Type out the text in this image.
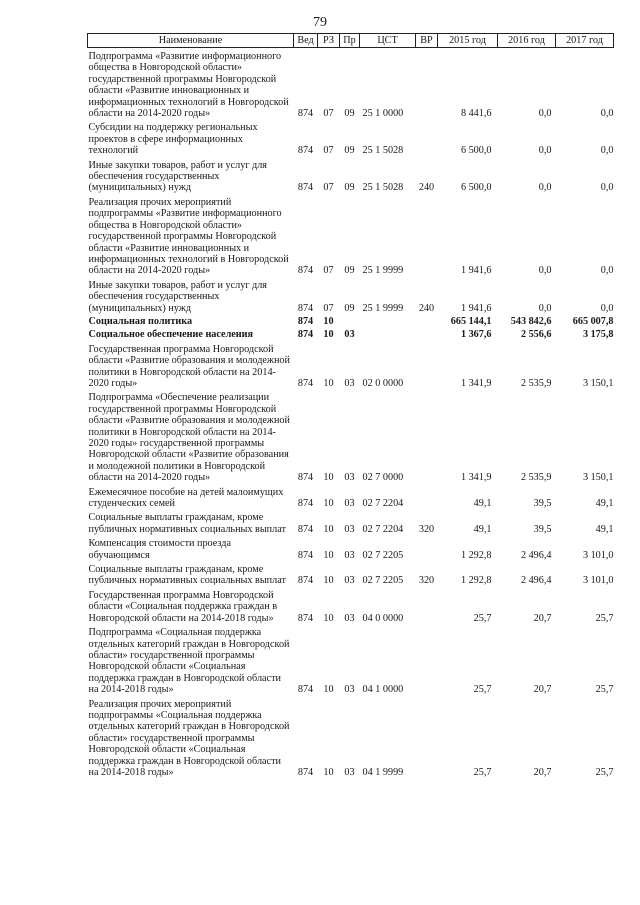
79
Наименование	Вед	РЗ	Пр	ЦСТ	ВР	2015 год	2016 год	2017 год
Подпрограмма «Развитие информационного общества в Новгородской области» государственной программы Новгородской области «Развитие инновационных и информационных технологий в Новгородской области на 2014-2020 годы»	874	07	09	25 1 0000		8 441,6	0,0	0,0
Субсидии на поддержку региональных проектов в сфере информационных технологий	874	07	09	25 1 5028		6 500,0	0,0	0,0
Иные закупки товаров, работ и услуг для обеспечения государственных (муниципальных) нужд	874	07	09	25 1 5028	240	6 500,0	0,0	0,0
Реализация прочих мероприятий подпрограммы «Развитие информационного общества в Новгородской области» государственной программы Новгородской области «Развитие инновационных и информационных технологий в Новгородской области на 2014-2020 годы»	874	07	09	25 1 9999		1 941,6	0,0	0,0
Иные закупки товаров, работ и услуг для обеспечения государственных (муниципальных) нужд	874	07	09	25 1 9999	240	1 941,6	0,0	0,0
Социальная политика	874	10				665 144,1	543 842,6	665 007,8
Социальное обеспечение населения	874	10	03			1 367,6	2 556,6	3 175,8
Государственная программа Новгородской области «Развитие образования и молодежной политики в Новгородской области на 2014-2020 годы»	874	10	03	02 0 0000		1 341,9	2 535,9	3 150,1
Подпрограмма «Обеспечение реализации государственной программы Новгородской области «Развитие образования и молодежной политики в Новгородской области на 2014-2020 годы» государственной программы Новгородской области «Развитие образования и молодежной политики в Новгородской области на 2014-2020 годы»	874	10	03	02 7 0000		1 341,9	2 535,9	3 150,1
Ежемесячное пособие на детей малоимущих студенческих семей	874	10	03	02 7 2204		49,1	39,5	49,1
Социальные выплаты гражданам, кроме публичных нормативных социальных выплат	874	10	03	02 7 2204	320	49,1	39,5	49,1
Компенсация стоимости проезда обучающимся	874	10	03	02 7 2205		1 292,8	2 496,4	3 101,0
Социальные выплаты гражданам, кроме публичных нормативных социальных выплат	874	10	03	02 7 2205	320	1 292,8	2 496,4	3 101,0
Государственная программа Новгородской области «Социальная поддержка граждан в Новгородской области на 2014-2018 годы»	874	10	03	04 0 0000		25,7	20,7	25,7
Подпрограмма «Социальная поддержка отдельных категорий граждан в Новгородской области» государственной программы Новгородской области «Социальная поддержка граждан в Новгородской области на 2014-2018 годы»	874	10	03	04 1 0000		25,7	20,7	25,7
Реализация прочих мероприятий подпрограммы «Социальная поддержка отдельных категорий граждан в Новгородской области» государственной программы Новгородской области «Социальная поддержка граждан в Новгородской области на 2014-2018 годы»	874	10	03	04 1 9999		25,7	20,7	25,7
